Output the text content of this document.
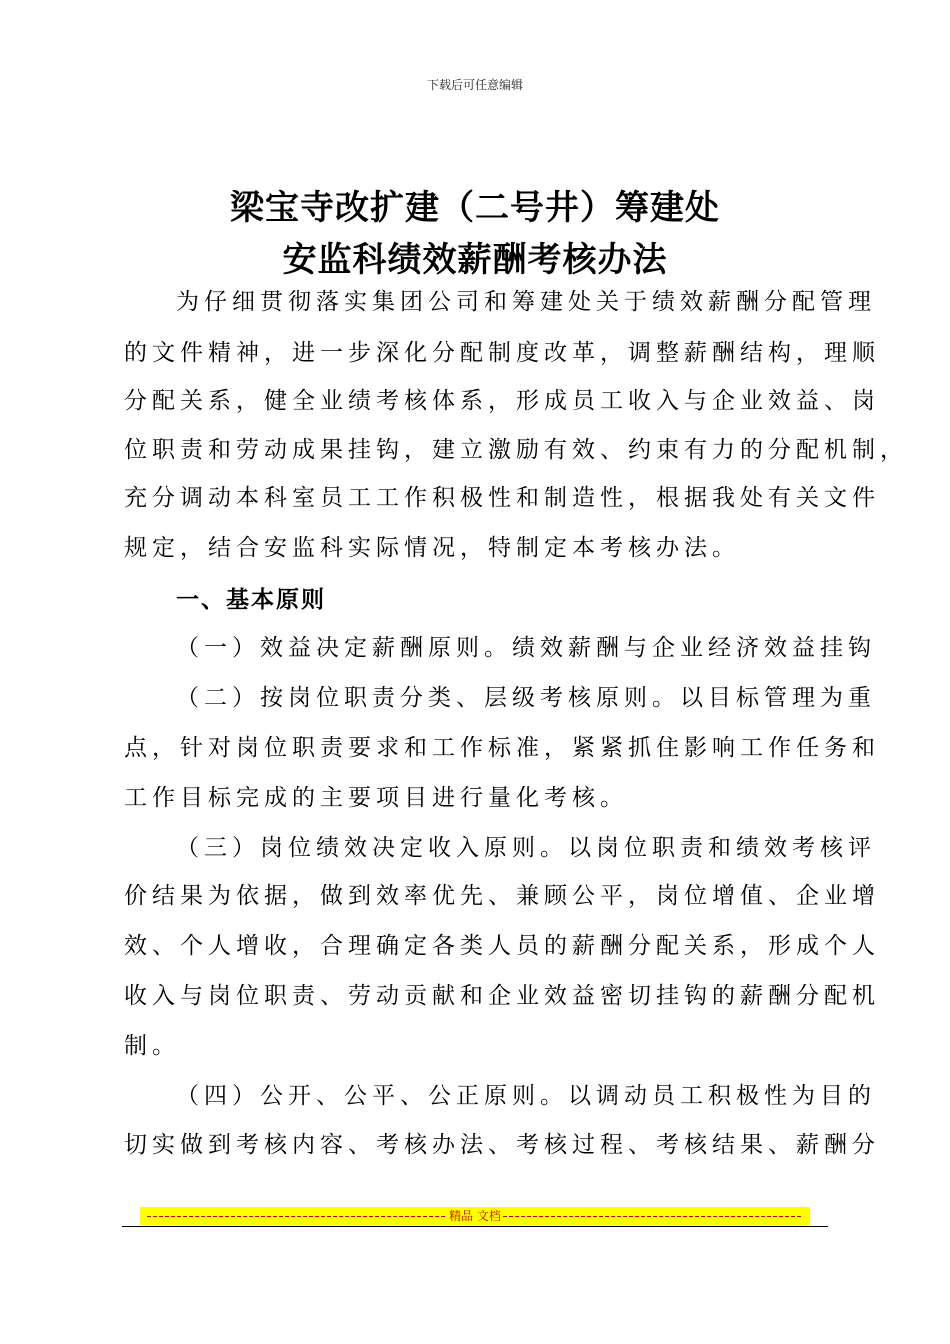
下载后可任意编辑
梁宝寺改扩建（二号井）筹建处
安监科绩效薪酬考核办法
为仔细贯彻落实集团公司和筹建处关于绩效薪酬分配管理
的文件精神，进一步深化分配制度改革，调整薪酬结构，理顺
分配关系，健全业绩考核体系，形成员工收入与企业效益、岗
位职责和劳动成果挂钩，建立激励有效、约束有力的分配机制，
充分调动本科室员工工作积极性和制造性，根据我处有关文件
规定，结合安监科实际情况，特制定本考核办法。
一、基本原则
（一）效益决定薪酬原则。绩效薪酬与企业经济效益挂钩
（二）按岗位职责分类、层级考核原则。以目标管理为重
点，针对岗位职责要求和工作标准，紧紧抓住影响工作任务和
工作目标完成的主要项目进行量化考核。
（三）岗位绩效决定收入原则。以岗位职责和绩效考核评
价结果为依据，做到效率优先、兼顾公平，岗位增值、企业增
效、个人增收，合理确定各类人员的薪酬分配关系，形成个人
收入与岗位职责、劳动贡献和企业效益密切挂钩的薪酬分配机
制。
（四）公开、公平、公正原则。以调动员工积极性为目的
切实做到考核内容、考核办法、考核过程、考核结果、薪酬分
精品 文档
